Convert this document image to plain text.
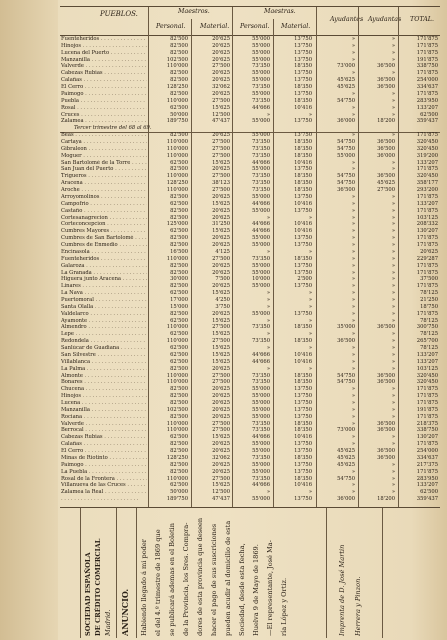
PUEBLOS.	Maestros.	Maestras.
Personal. Material. Personal. Material.
Ayudantes Ayudantas TOTAL.
Fuenteheridos . . .	82'500	20'625	55'000	13'750	»	»	171'875
Hinojos . . .	82'500	20'625	55'000	13'750	»	»	171'875
Lucena del Puerto . . .	82'500	20'625	55'000	13'750	»	»	171'875
Manzanilla . . .	102'500	20'625	55'000	13'750	»	»	191'875
Valverde . . .	110'000	27'500	73'350	18'350	73'000	36'500	338'750
Cabezas Rubias . . .	82'500	20'625	55'000	13'750	»	»	171'875
Calañas . . .	82'500	20'625	55'000	13'750	45'625	36'500	254'000
El Cerro . . .	128'250	32'062	73'350	18'350	45'625	36'500	334'637
Paimogo . . .	82'500	20'625	55'000	13'750	»	»	171'875
Puebla . . .	110'000	27'500	73'350	18'350	54'750	»	283'950
Rosal . . .	62'500	15'625	44'666	10'416	»	»	133'207
Cruces . . .	50'000	12'500	»	»	»	»	62'500
Zalamea . . .	189'750	47'437	55'000	13'750	36'000	18'200	359'437
Tercer trimestre del 68 al 69.
Beas . . .	82'500	20'625	55'000	13'750	»	»	171'875
Cartaya . . .	110'000	27'500	73'350	18'350	54'750	36'500	320'450
Gibraleon . . .	110'000	27'500	73'350	18'350	54'750	36'500	320'450
Moguer . . .	110'000	27'500	73'350	18'350	55'000	36'000	319'200
San Bartolomé de la Torre . . .	62'500	15'625	44'666	10'416	»	»	133'207
San Juan del Puerto . . .	82'500	20'625	55'000	13'750	»	»	171'875
Trigueros . . .	110'000	27'500	73'350	18'350	54'750	36'500	320'450
Aracena . . .	128'250	38'123	73'350	18'350	54'750	45'625	358'177
Aroche . . .	110'000	27'500	73'350	18'350	36'500	27'500	293'200
Arroyomolinos . . .	82'500	20'625	55'000	13'750	»	»	171'875
Campofrio . . .	62'500	15'625	44'666	10'416	»	»	133'207
Castaño . . .	82'500	20'625	55'000	13'750	»	»	171'875
Cortesanagrecion . . .	82'500	20'625	»	»	»	»	103'125
Corteconcepcion . . .	125'000	31'250	44'666	10'416	»	»	208'332
Cumbres Mayores . . .	62'500	15'625	44'666	10'416	»	»	130'207
Cumbres de San Bartolomé . . .	82'500	20'625	55'000	13'750	»	»	171'875
Cumbres de Enmedio . . .	82'500	20'625	55'000	13'750	»	»	171'875
Encinasola . . .	16'500	4'125	»	»	»	»	20'625
Fuenteheridos . . .	110'000	27'500	73'350	18'350	»	»	229'287
Galaroza . . .	82'500	20'625	55'000	13'750	»	»	171'875
La Granada . . .	82'500	20'625	55'000	13'750	»	»	171'875
Higuera junto Aracena . . .	30'000	7'500	10'000	2'500	»	»	37'500
Linares . . .	82'500	20'625	55'000	13'750	»	»	171'875
La Nava . . .	62'500	15'625	»	»	»	»	78'125
Puertomoral . . .	17'000	4'250	»	»	»	»	21'250
Santa Olalla . . .	15'000	3'750	»	»	»	»	18'750
Valdelarco . . .	82'500	20'625	55'000	13'750	»	»	171'875
Ayamonte . . .	62'500	15'625	»	»	»	»	78'125
Almendro . . .	110'000	27'500	73'350	18'350	35'000	36'500	300'750
Lepe . . .	62'500	15'625	»	»	»	»	78'125
Redondela . . .	110'000	27'500	73'350	18'350	36'500	»	265'700
Sanlúcar de Guadiana . . .	62'500	15'625	»	»	»	»	78'125
San Silvestre . . .	62'500	15'625	44'666	10'416	»	»	133'207
Villablanca . . .	62'500	15'625	44'666	10'416	»	»	133'207
La Palma . . .	82'500	20'625	»	»	»	»	103'125
Almonte . . .	110'000	27'500	73'350	18'350	54'750	36'500	320'450
Bonares . . .	110'000	27'500	73'350	18'350	54'750	36'500	320'450
Chucena . . .	82'500	20'625	55'000	13'750	»	»	171'875
Hinojos . . .	82'500	20'625	55'000	13'750	»	»	171'875
Lucena . . .	82'500	20'625	55'000	13'750	»	»	171'875
Manzanilla . . .	102'500	20'625	55'000	13'750	»	»	191'875
Rociana . . .	82'500	20'625	55'000	13'750	»	»	171'875
Valverde . . .	110'000	27'500	73'350	18'350	»	36'500	218'375
Berrocal . . .	110'000	27'500	73'350	18'350	73'000	36'500	338'750
Cabezas Rubias . . .	62'500	15'625	44'666	10'416	»	»	130'207
Calañas . . .	82'500	20'625	55'000	13'750	»	»	171'875
El Cerro . . .	82'500	20'625	55'000	13'750	45'625	36'500	254'000
Minas de Riotinto . . .	128'250	32'062	73'350	18'350	45'625	36'500	334'637
Paimogo . . .	82'500	20'625	55'000	13'750	45'625	»	217'375
La Puebla . . .	82'500	20'625	55'000	13'750	»	»	171'875
Rosal de la Frontera . . .	110'000	27'500	73'350	18'350	54'750	»	283'950
Villanueva de las Cruces . . .	62'500	15'625	44'666	10'416	»	»	133'207
Zalamea la Real . . .	50'000	12'500	»	»	»	»	62'500
. . .
189'750	47'437	55'000	13'750	36'000	18'200	359'437
SOCIEDAD ESPAÑOLA DE CRÉDITO COMERCIAL Madrid. ANUNCIO. Habiendo llegado á mi poder el del 4.º trimestre de 1869 que se publicará ademas en el Boletin de la Provincia, los Sres. Compra- dores de esta provincia que deseen hacer el pago de sus suscriciones pueden acudir al domicilio de esta Sociedad, desde esta fecha, Huelva 9 de Mayo de 1869. —El representante, José Ma- ría López y Ortiz.	Imprenta de D. José Martin Herrera y Pinzon.
